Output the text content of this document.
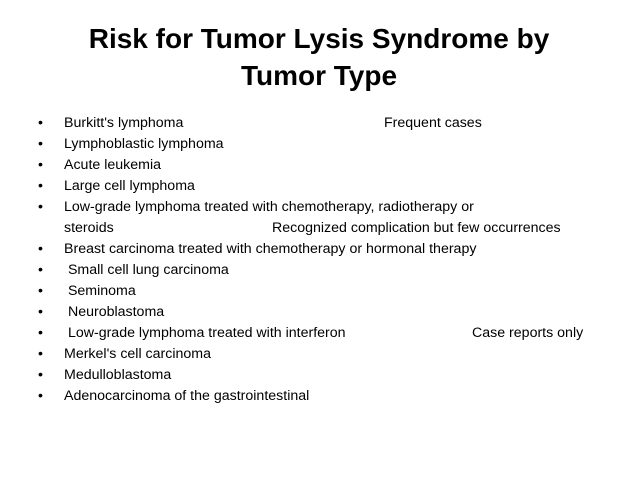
Risk for Tumor Lysis Syndrome by
Tumor Type
•	Burkitt's lymphoma	Frequent cases
•	Lymphoblastic lymphoma
•	Acute leukemia
•	Large cell lymphoma
•	Low-grade lymphoma treated with chemotherapy, radiotherapy or
steroids	Recognized complication but few occurrences
•	Breast carcinoma treated with chemotherapy or hormonal therapy
•	Small cell lung carcinoma
•	Seminoma
•	Neuroblastoma
•	Low-grade lymphoma treated with interferon	Case reports only
•	Merkel's cell carcinoma
•	Medulloblastoma
•	Adenocarcinoma of the gastrointestinal
